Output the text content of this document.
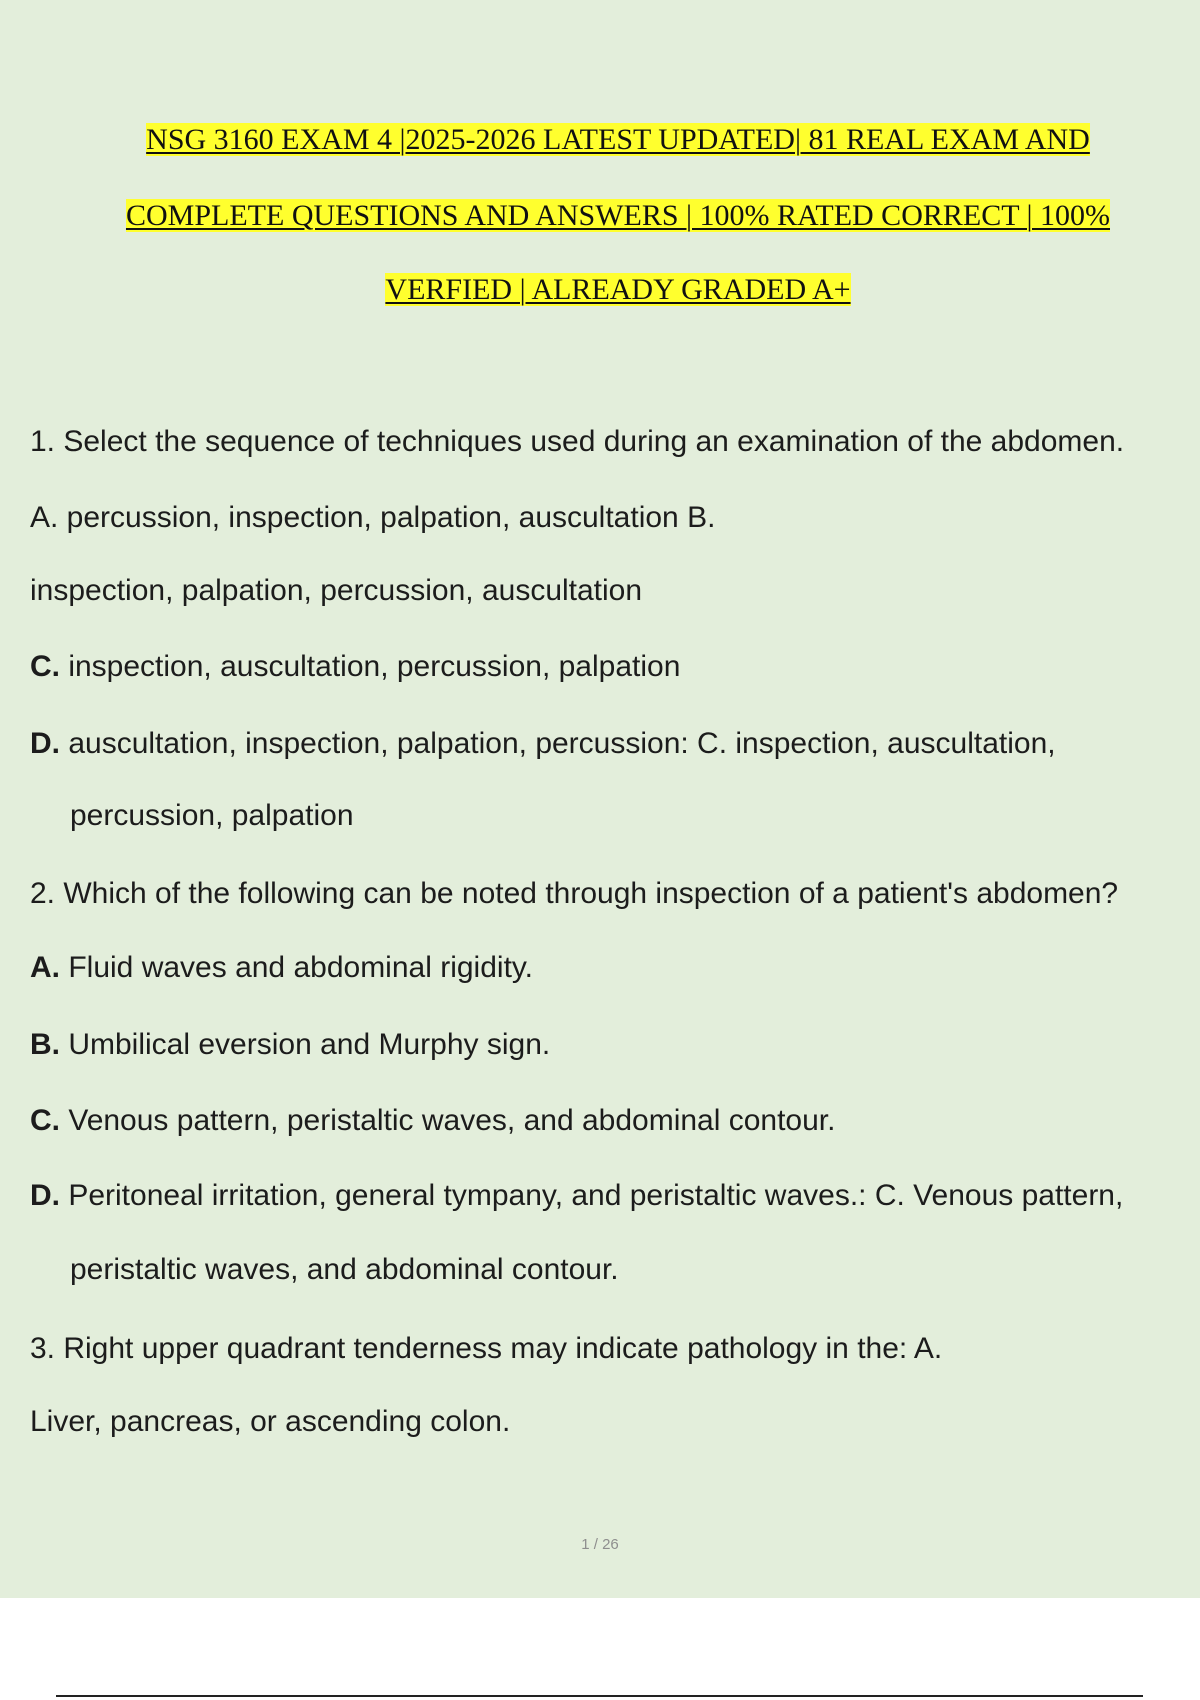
NSG 3160 EXAM 4 |2025-2026 LATEST UPDATED| 81 REAL EXAM AND
COMPLETE QUESTIONS AND ANSWERS | 100% RATED CORRECT | 100%
VERFIED | ALREADY GRADED A+
1. Select the sequence of techniques used during an examination of the abdomen.
A. percussion, inspection, palpation, auscultation B.
inspection, palpation, percussion, auscultation
C. inspection, auscultation, percussion, palpation
D. auscultation, inspection, palpation, percussion: C. inspection, auscultation,
percussion, palpation
2. Which of the following can be noted through inspection of a patient's abdomen?
A. Fluid waves and abdominal rigidity.
B. Umbilical eversion and Murphy sign.
C. Venous pattern, peristaltic waves, and abdominal contour.
D. Peritoneal irritation, general tympany, and peristaltic waves.: C. Venous pattern,
peristaltic waves, and abdominal contour.
3. Right upper quadrant tenderness may indicate pathology in the: A.
Liver, pancreas, or ascending colon.
1 / 26
